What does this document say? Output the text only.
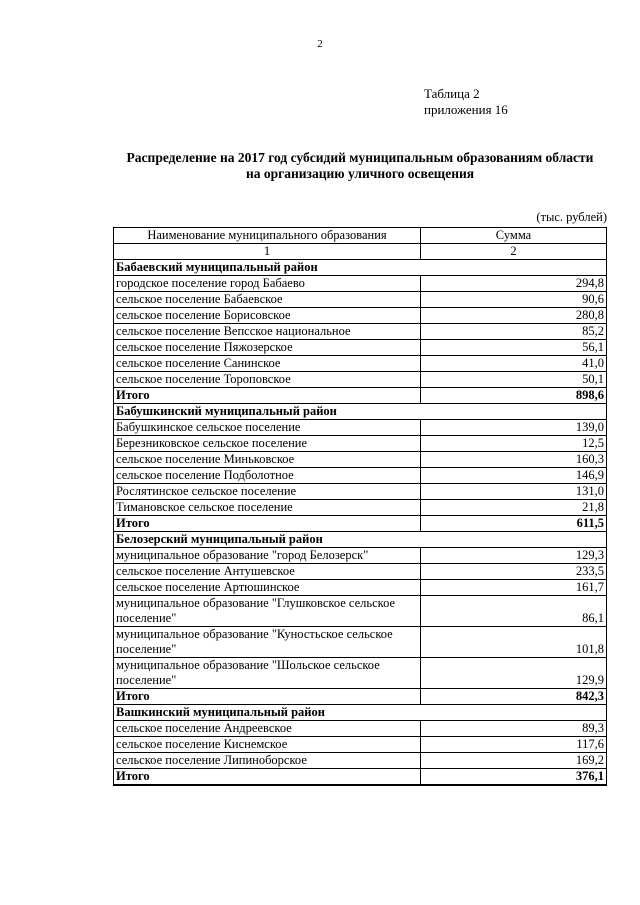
2
Таблица 2
приложения 16
Распределение на 2017 год субсидий муниципальным образованиям области
на организацию уличного освещения
(тыс. рублей)
Наименование муниципального образования	Сумма
1	2
Бабаевский муниципальный район	
городское поселение город Бабаево	294,8
сельское поселение Бабаевское	90,6
сельское поселение Борисовское	280,8
сельское поселение Вепсское национальное	85,2
сельское поселение Пяжозерское	56,1
сельское поселение Санинское	41,0
сельское поселение Тороповское	50,1
Итого	898,6
Бабушкинский муниципальный район	
Бабушкинское сельское поселение	139,0
Березниковское сельское поселение	12,5
сельское поселение Миньковское	160,3
сельское поселение Подболотное	146,9
Рослятинское сельское поселение	131,0
Тимановское сельское поселение	21,8
Итого	611,5
Белозерский муниципальный район	
муниципальное образование "город Белозерск"	129,3
сельское поселение Антушевское	233,5
сельское поселение Артюшинское	161,7
муниципальное образование "Глушковское сельское поселение"	86,1
муниципальное образование "Куностьское сельское поселение"	101,8
муниципальное образование "Шольское сельское поселение"	129,9
Итого	842,3
Вашкинский муниципальный район	
сельское поселение Андреевское	89,3
сельское поселение Киснемское	117,6
сельское поселение Липиноборское	169,2
Итого	376,1
